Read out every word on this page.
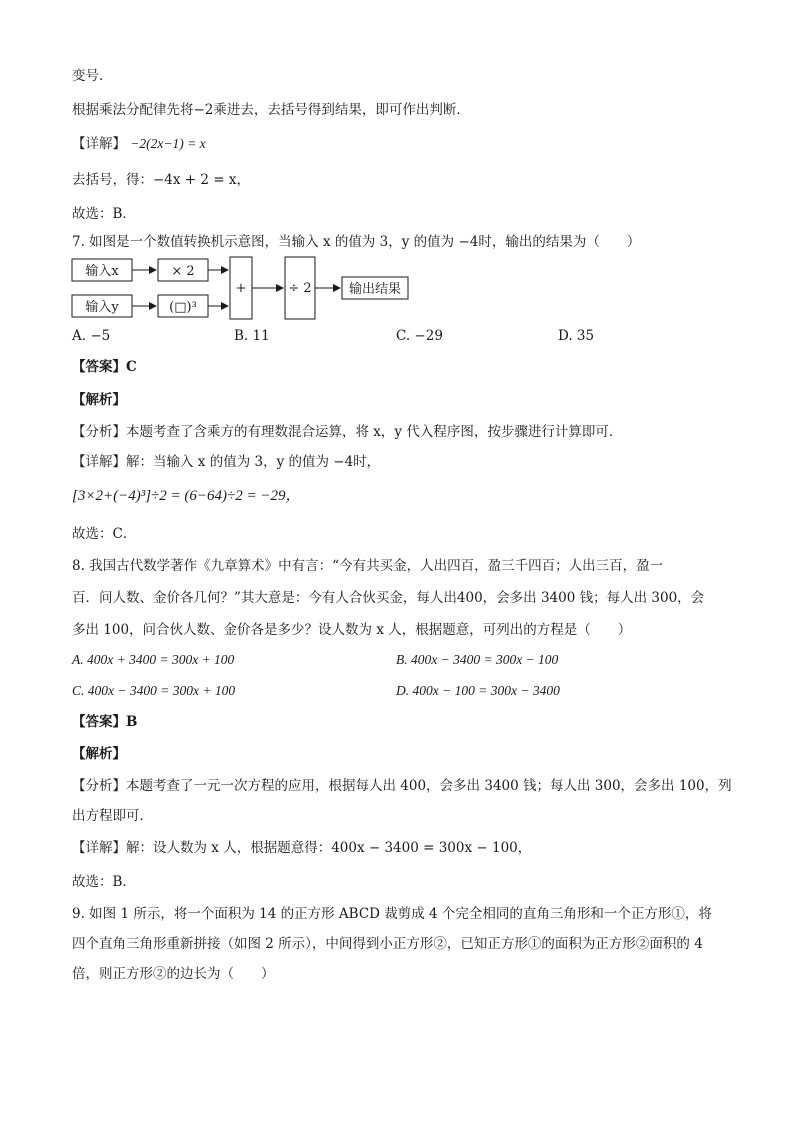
变号．
根据乘法分配律先将−2乘进去，去括号得到结果，即可作出判断．
【详解】 −2(2x−1) = x
去括号，得：−4x + 2 = x，
故选：B．
7. 如图是一个数值转换机示意图，当输入 x 的值为 3，y 的值为 −4时，输出的结果为（　　）
输入x
输入y
× 2
(□)³
+	÷ 2	输出结果
A. −5	B. 11	C. −29	D. 35
【答案】C
【解析】
【分析】本题考查了含乘方的有理数混合运算，将 x，y 代入程序图，按步骤进行计算即可．
【详解】解：当输入 x 的值为 3，y 的值为 −4时，
[3×2+(−4)³]÷2 = (6−64)÷2 = −29，
故选：C．
8. 我国古代数学著作《九章算术》中有言：“今有共买金，人出四百，盈三千四百；人出三百，盈一
百．问人数、金价各几何？”其大意是：今有人合伙买金，每人出400，会多出 3400 钱；每人出 300，会
多出 100，问合伙人数、金价各是多少？设人数为 x 人，根据题意，可列出的方程是（　　）
A. 400x + 3400 = 300x + 100	B. 400x − 3400 = 300x − 100
C. 400x − 3400 = 300x + 100	D. 400x − 100 = 300x − 3400
【答案】B
【解析】
【分析】本题考查了一元一次方程的应用，根据每人出 400，会多出 3400 钱；每人出 300，会多出 100，列
出方程即可．
【详解】解：设人数为 x 人，根据题意得：400x − 3400 = 300x − 100，
故选：B．
9. 如图 1 所示，将一个面积为 14 的正方形 ABCD 裁剪成 4 个完全相同的直角三角形和一个正方形①，将
四个直角三角形重新拼接（如图 2 所示），中间得到小正方形②，已知正方形①的面积为正方形②面积的 4
倍，则正方形②的边长为（　　）
